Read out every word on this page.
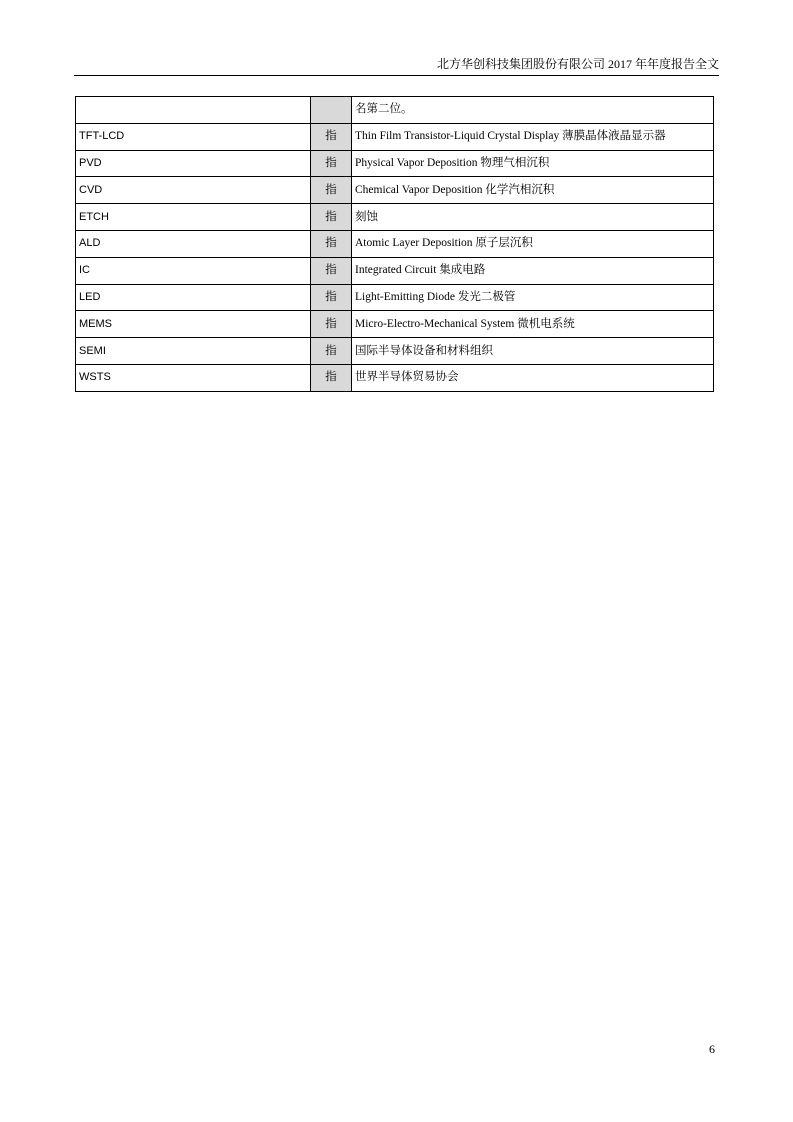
北方华创科技集团股份有限公司 2017 年年度报告全文
		名第二位。
TFT-LCD	指	Thin Film Transistor-Liquid Crystal Display 薄膜晶体液晶显示器
PVD	指	Physical Vapor Deposition 物理气相沉积
CVD	指	Chemical Vapor Deposition 化学汽相沉积
ETCH	指	刻蚀
ALD	指	Atomic Layer Deposition 原子层沉积
IC	指	Integrated Circuit 集成电路
LED	指	Light-Emitting Diode 发光二极管
MEMS	指	Micro-Electro-Mechanical System 微机电系统
SEMI	指	国际半导体设备和材料组织
WSTS	指	世界半导体贸易协会
6
